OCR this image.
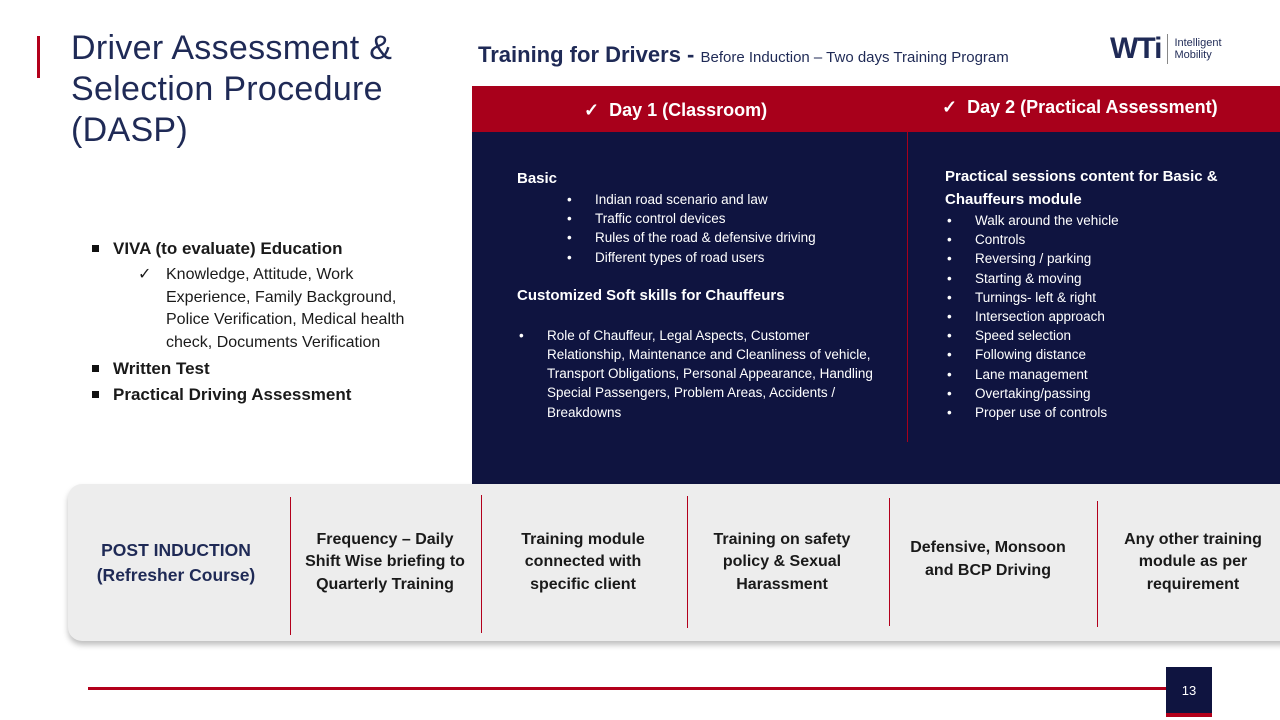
Driver Assessment & Selection Procedure (DASP)
Training for Drivers - Before Induction – Two days Training Program	WTi Intelligent
Mobility
VIVA (to evaluate) Education
✓ Knowledge, Attitude, Work Experience, Family Background, Police Verification, Medical health check, Documents Verification
Written Test
Practical Driving Assessment
✓ Day 1 (Classroom)	✓ Day 2 (Practical Assessment)
Basic
• Indian road scenario and law
• Traffic control devices
• Rules of the road & defensive driving
• Different types of road users
Customized Soft skills for Chauffeurs
• Role of Chauffeur, Legal Aspects, Customer Relationship, Maintenance and Cleanliness of vehicle, Transport Obligations, Personal Appearance, Handling Special Passengers, Problem Areas, Accidents / Breakdowns
Practical sessions content for Basic & Chauffeurs module
• Walk around the vehicle
• Controls
• Reversing / parking
• Starting & moving
• Turnings- left & right
• Intersection approach
• Speed selection
• Following distance
• Lane management
• Overtaking/passing
• Proper use of controls
POST INDUCTION (Refresher Course)
Frequency – Daily Shift Wise briefing to Quarterly Training
Training module connected with specific client
Training on safety policy & Sexual Harassment
Defensive, Monsoon and BCP Driving
Any other training module as per requirement
13
